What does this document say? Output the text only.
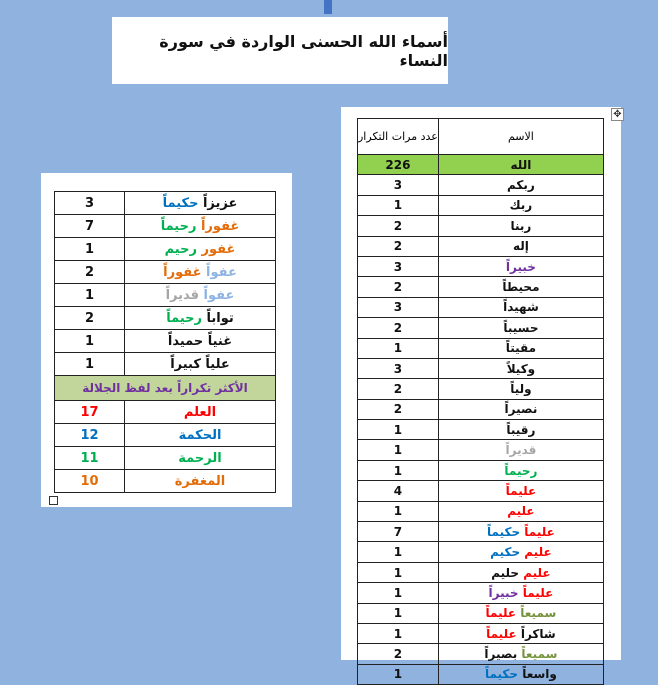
أسماء الله الحسنى الواردة في سورة النساء
3	عزيزاً حكيماً
7	غفوراً رحيماً
1	غفور رحيم
2	عفواً غفوراً
1	عفواً قديراً
2	تواباً رحيماً
1	غنياً حميداً
1	علياً كبيراً
الأكثر تكراراً بعد لفظ الجلالة	
17	العلم
12	الحكمة
11	الرحمة
10	المغفرة
عدد مرات التكرار	الاسم
226	الله
3	ربكم
1	ربك
2	ربنا
2	إله
3	خبيراً
2	محيطاً
3	شهيداً
2	حسيباً
1	مقيتاً
3	وكيلاً
2	ولياً
2	نصيراً
1	رقيباً
1	قديراً
1	رحيماً
4	عليماً
1	عليم
7	عليماً حكيماً
1	عليم حكيم
1	عليم حليم
1	عليماً خبيراً
1	سميعاً عليماً
1	شاكراً عليماً
2	سميعاً بصيراً
1	واسعاً حكيماً
✥
